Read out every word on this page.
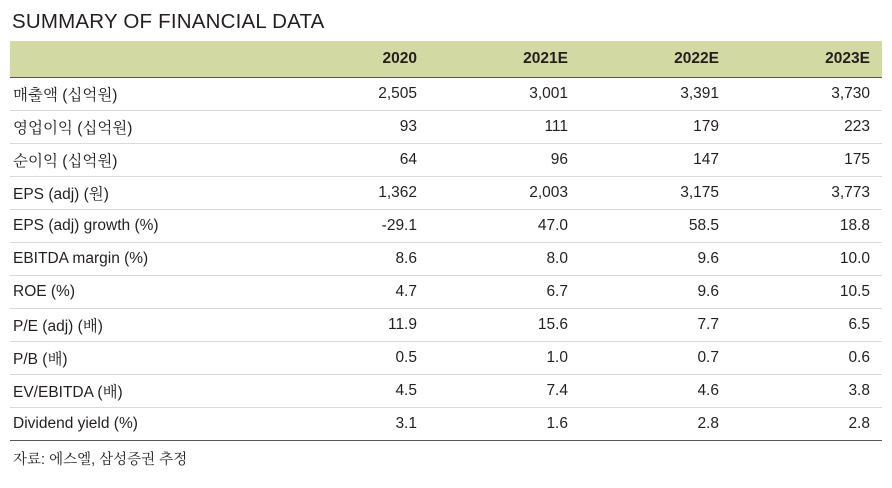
SUMMARY OF FINANCIAL DATA
	2020	2021E	2022E	2023E
매출액 (십억원)	2,505	3,001	3,391	3,730
영업이익 (십억원)	93	111	179	223
순이익 (십억원)	64	96	147	175
EPS (adj) (원)	1,362	2,003	3,175	3,773
EPS (adj) growth (%)	-29.1	47.0	58.5	18.8
EBITDA margin (%)	8.6	8.0	9.6	10.0
ROE (%)	4.7	6.7	9.6	10.5
P/E (adj) (배)	11.9	15.6	7.7	6.5
P/B (배)	0.5	1.0	0.7	0.6
EV/EBITDA (배)	4.5	7.4	4.6	3.8
Dividend yield (%)	3.1	1.6	2.8	2.8
자료: 에스엘, 삼성증권 추정
